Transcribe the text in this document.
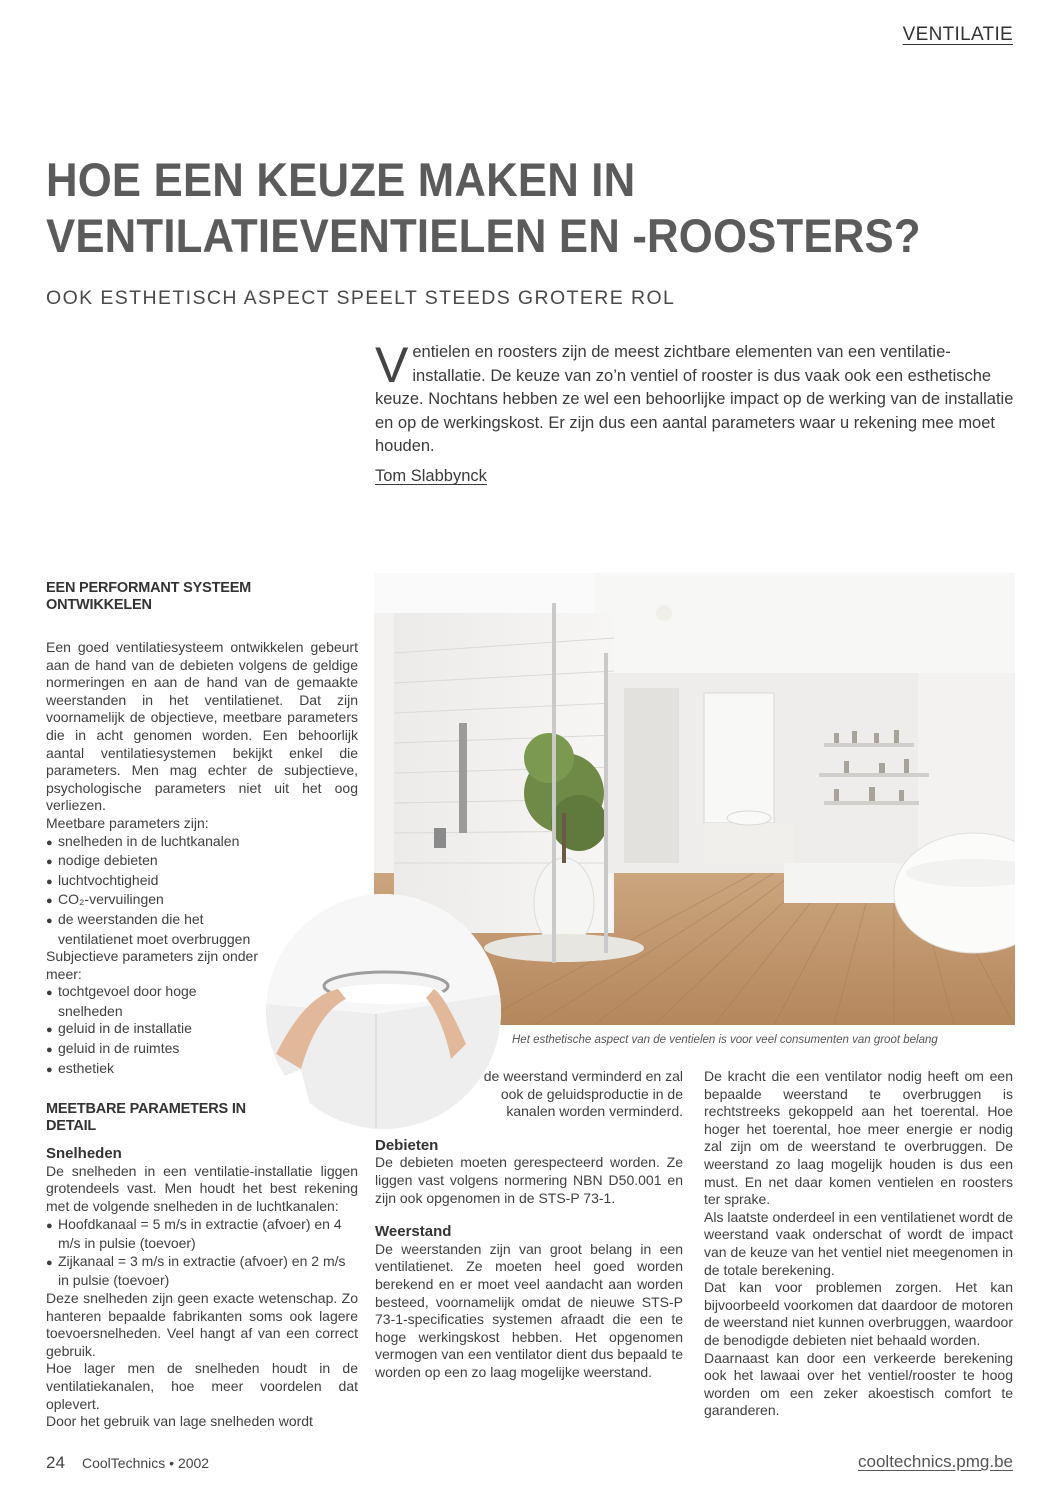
VENTILATIE
HOE EEN KEUZE MAKEN IN
VENTILATIEVENTIELEN EN -ROOSTERS?
OOK ESTHETISCH ASPECT SPEELT STEEDS GROTERE ROL
Ventielen en roosters zijn de meest zichtbare elementen van een ventilatie-installatie. De keuze van zo’n ventiel of rooster is dus vaak ook een esthetische keuze. Nochtans hebben ze wel een behoorlijke impact op de werking van de installatie en op de werkingskost. Er zijn dus een aantal parameters waar u rekening mee moet houden.
Tom Slabbynck
EEN PERFORMANT SYSTEEM ONTWIKKELEN

Een goed ventilatiesysteem ontwikkelen gebeurt aan de hand van de debieten volgens de geldige normeringen en aan de hand van de gemaakte weerstanden in het ventilatienet. Dat zijn voornamelijk de objectieve, meetbare parameters die in acht genomen worden. Een behoorlijk aantal ventilatiesystemen bekijkt enkel die parameters. Men mag echter de subjectieve, psychologische parameters niet uit het oog verliezen.

Meetbare parameters zijn:
● snelheden in de luchtkanalen
● nodige debieten
● luchtvochtigheid
● CO₂-vervuilingen
● de weerstanden die het ventilatienet moet overbruggen
Subjectieve parameters zijn onder meer:
● tochtgevoel door hoge snelheden
● geluid in de installatie
● geluid in de ruimtes
● esthetiek
MEETBARE PARAMETERS IN DETAIL
Snelheden

De snelheden in een ventilatie-installatie liggen grotendeels vast. Men houdt het best rekening met de volgende snelheden in de luchtkanalen:

● Hoofdkanaal = 5 m/s in extractie (afvoer) en 4 m/s in pulsie (toevoer)
● Zijkanaal = 3 m/s in extractie (afvoer) en 2 m/s in pulsie (toevoer)

Deze snelheden zijn geen exacte wetenschap. Zo hanteren bepaalde fabrikanten soms ook lagere toevoersnelheden. Veel hangt af van een correct gebruik.

Hoe lager men de snelheden houdt in de ventilatiekanalen, hoe meer voordelen dat oplevert.

Door het gebruik van lage snelheden wordt

Het esthetische aspect van de ventielen is voor veel consumenten van groot belang

de weerstand verminderd en zal ook de geluidsproductie in de kanalen worden verminderd.

Debieten

De debieten moeten gerespecteerd worden. Ze liggen vast volgens normering NBN D50.001 en zijn ook opgenomen in de STS-P 73-1.

Weerstand

De weerstanden zijn van groot belang in een ventilatienet. Ze moeten heel goed worden berekend en er moet veel aandacht aan worden besteed, voornamelijk omdat de nieuwe STS-P 73-1-specificaties systemen afraadt die een te hoge werkingskost hebben. Het opgenomen vermogen van een ventilator dient dus bepaald te worden op een zo laag mogelijke weerstand.

De kracht die een ventilator nodig heeft om een bepaalde weerstand te overbruggen is rechtstreeks gekoppeld aan het toerental. Hoe hoger het toerental, hoe meer energie er nodig zal zijn om de weerstand te overbruggen. De weerstand zo laag mogelijk houden is dus een must. En net daar komen ventielen en roosters ter sprake.

Als laatste onderdeel in een ventilatienet wordt de weerstand vaak onderschat of wordt de impact van de keuze van het ventiel niet meegenomen in de totale berekening.

Dat kan voor problemen zorgen. Het kan bijvoorbeeld voorkomen dat daardoor de motoren de weerstand niet kunnen overbruggen, waardoor de benodigde debieten niet behaald worden.

Daarnaast kan door een verkeerde berekening ook het lawaai over het ventiel/rooster te hoog worden om een zeker akoestisch comfort te garanderen.

24 CoolTechnics • 2002	cooltechnics.pmg.be
